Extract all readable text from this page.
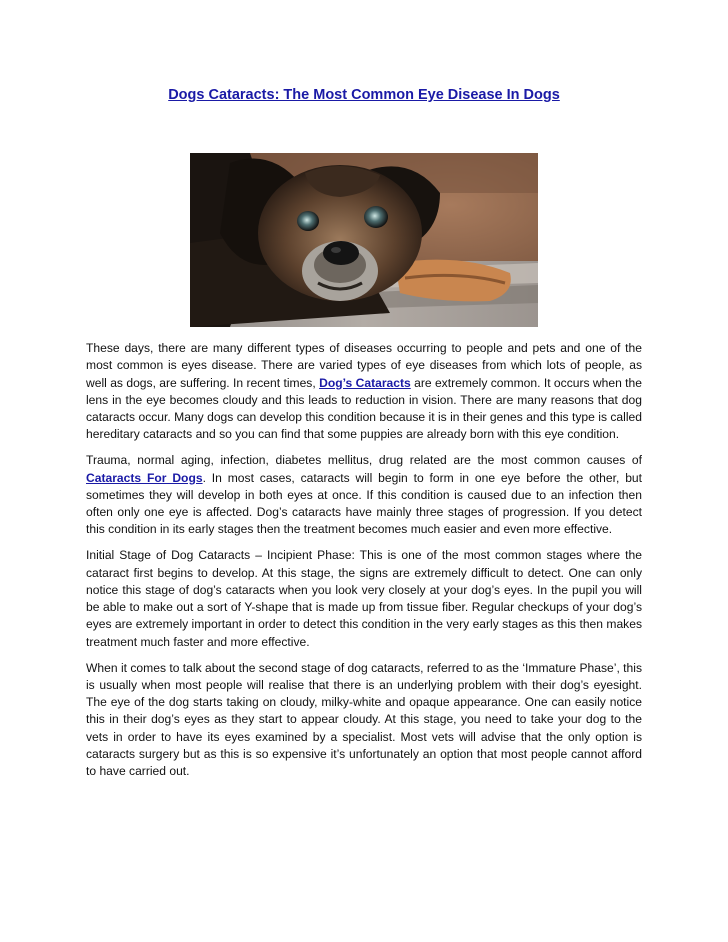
Dogs Cataracts: The Most Common Eye Disease In Dogs

These days, there are many different types of diseases occurring to people and pets and one of the most common is eyes disease. There are varied types of eye diseases from which lots of people, as well as dogs, are suffering. In recent times, Dog’s Cataracts are extremely common. It occurs when the lens in the eye becomes cloudy and this leads to reduction in vision. There are many reasons that dog cataracts occur. Many dogs can develop this condition because it is in their genes and this type is called hereditary cataracts and so you can find that some puppies are already born with this eye condition.

Trauma, normal aging, infection, diabetes mellitus, drug related are the most common causes of Cataracts For Dogs. In most cases, cataracts will begin to form in one eye before the other, but sometimes they will develop in both eyes at once. If this condition is caused due to an infection then often only one eye is affected. Dog’s cataracts have mainly three stages of progression. If you detect this condition in its early stages then the treatment becomes much easier and even more effective.

Initial Stage of Dog Cataracts – Incipient Phase: This is one of the most common stages where the cataract first begins to develop. At this stage, the signs are extremely difficult to detect. One can only notice this stage of dog’s cataracts when you look very closely at your dog’s eyes. In the pupil you will be able to make out a sort of Y-shape that is made up from tissue fiber. Regular checkups of your dog’s eyes are extremely important in order to detect this condition in the very early stages as this then makes treatment much faster and more effective.

When it comes to talk about the second stage of dog cataracts, referred to as the ‘Immature Phase’, this is usually when most people will realise that there is an underlying problem with their dog’s eyesight. The eye of the dog starts taking on cloudy, milky-white and opaque appearance. One can easily notice this in their dog’s eyes as they start to appear cloudy. At this stage, you need to take your dog to the vets in order to have its eyes examined by a specialist. Most vets will advise that the only option is cataracts surgery but as this is so expensive it’s unfortunately an option that most people cannot afford to have carried out.
